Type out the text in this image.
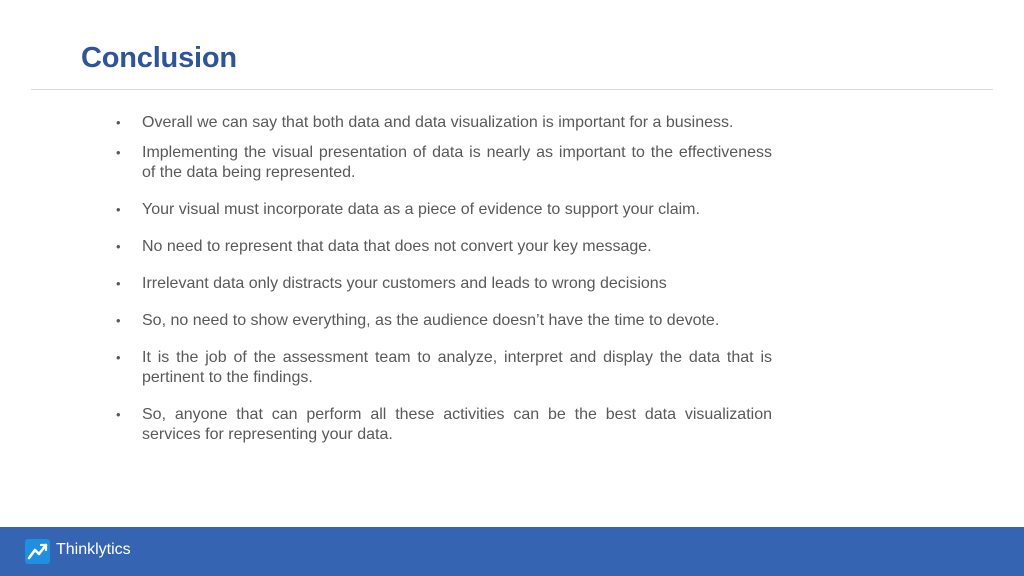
Conclusion
• Overall we can say that both data and data visualization is important for a business.
• Implementing the visual presentation of data is nearly as important to the effectiveness of the data being represented.
• Your visual must incorporate data as a piece of evidence to support your claim.
• No need to represent that data that does not convert your key message.
• Irrelevant data only distracts your customers and leads to wrong decisions
• So, no need to show everything, as the audience doesn’t have the time to devote.
• It is the job of the assessment team to analyze, interpret and display the data that is pertinent to the findings.
• So, anyone that can perform all these activities can be the best data visualization services for representing your data.
Thinklytics
